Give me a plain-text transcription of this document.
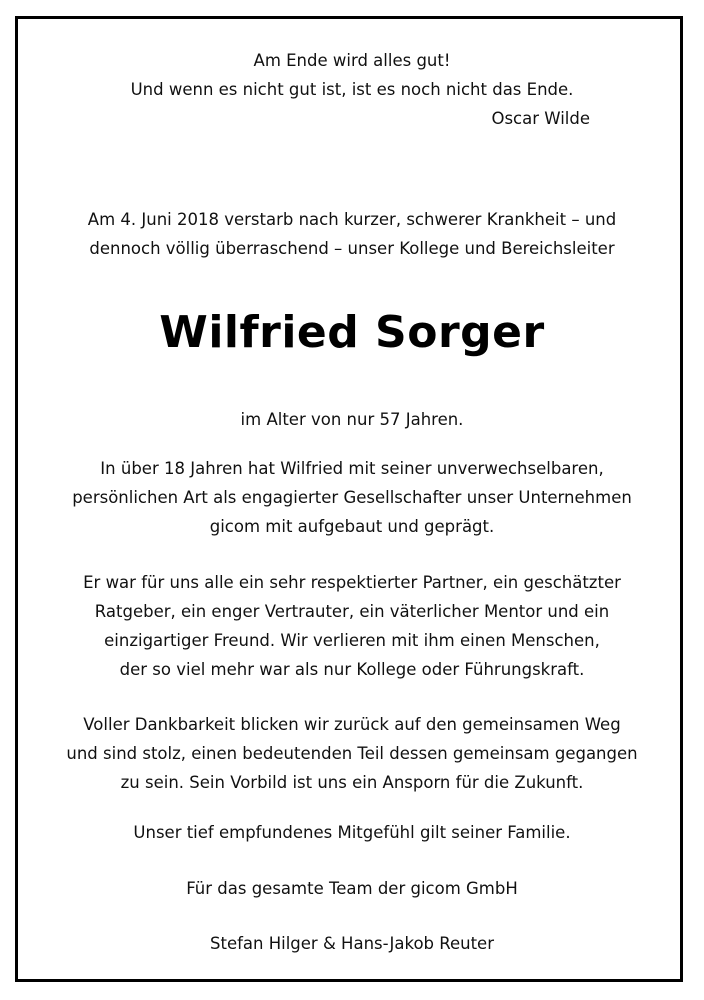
Am Ende wird alles gut!

Und wenn es nicht gut ist, ist es noch nicht das Ende.

Oscar Wilde

Am 4. Juni 2018 verstarb nach kurzer, schwerer Krankheit – und

dennoch völlig überraschend – unser Kollege und Bereichsleiter

Wilfried Sorger

im Alter von nur 57 Jahren.

In über 18 Jahren hat Wilfried mit seiner unverwechselbaren,

persönlichen Art als engagierter Gesellschafter unser Unternehmen

gicom mit aufgebaut und geprägt.

Er war für uns alle ein sehr respektierter Partner, ein geschätzter

Ratgeber, ein enger Vertrauter, ein väterlicher Mentor und ein

einzigartiger Freund. Wir verlieren mit ihm einen Menschen,

der so viel mehr war als nur Kollege oder Führungskraft.

Voller Dankbarkeit blicken wir zurück auf den gemeinsamen Weg

und sind stolz, einen bedeutenden Teil dessen gemeinsam gegangen

zu sein. Sein Vorbild ist uns ein Ansporn für die Zukunft.

Unser tief empfundenes Mitgefühl gilt seiner Familie.

Für das gesamte Team der gicom GmbH

Stefan Hilger & Hans-Jakob Reuter
